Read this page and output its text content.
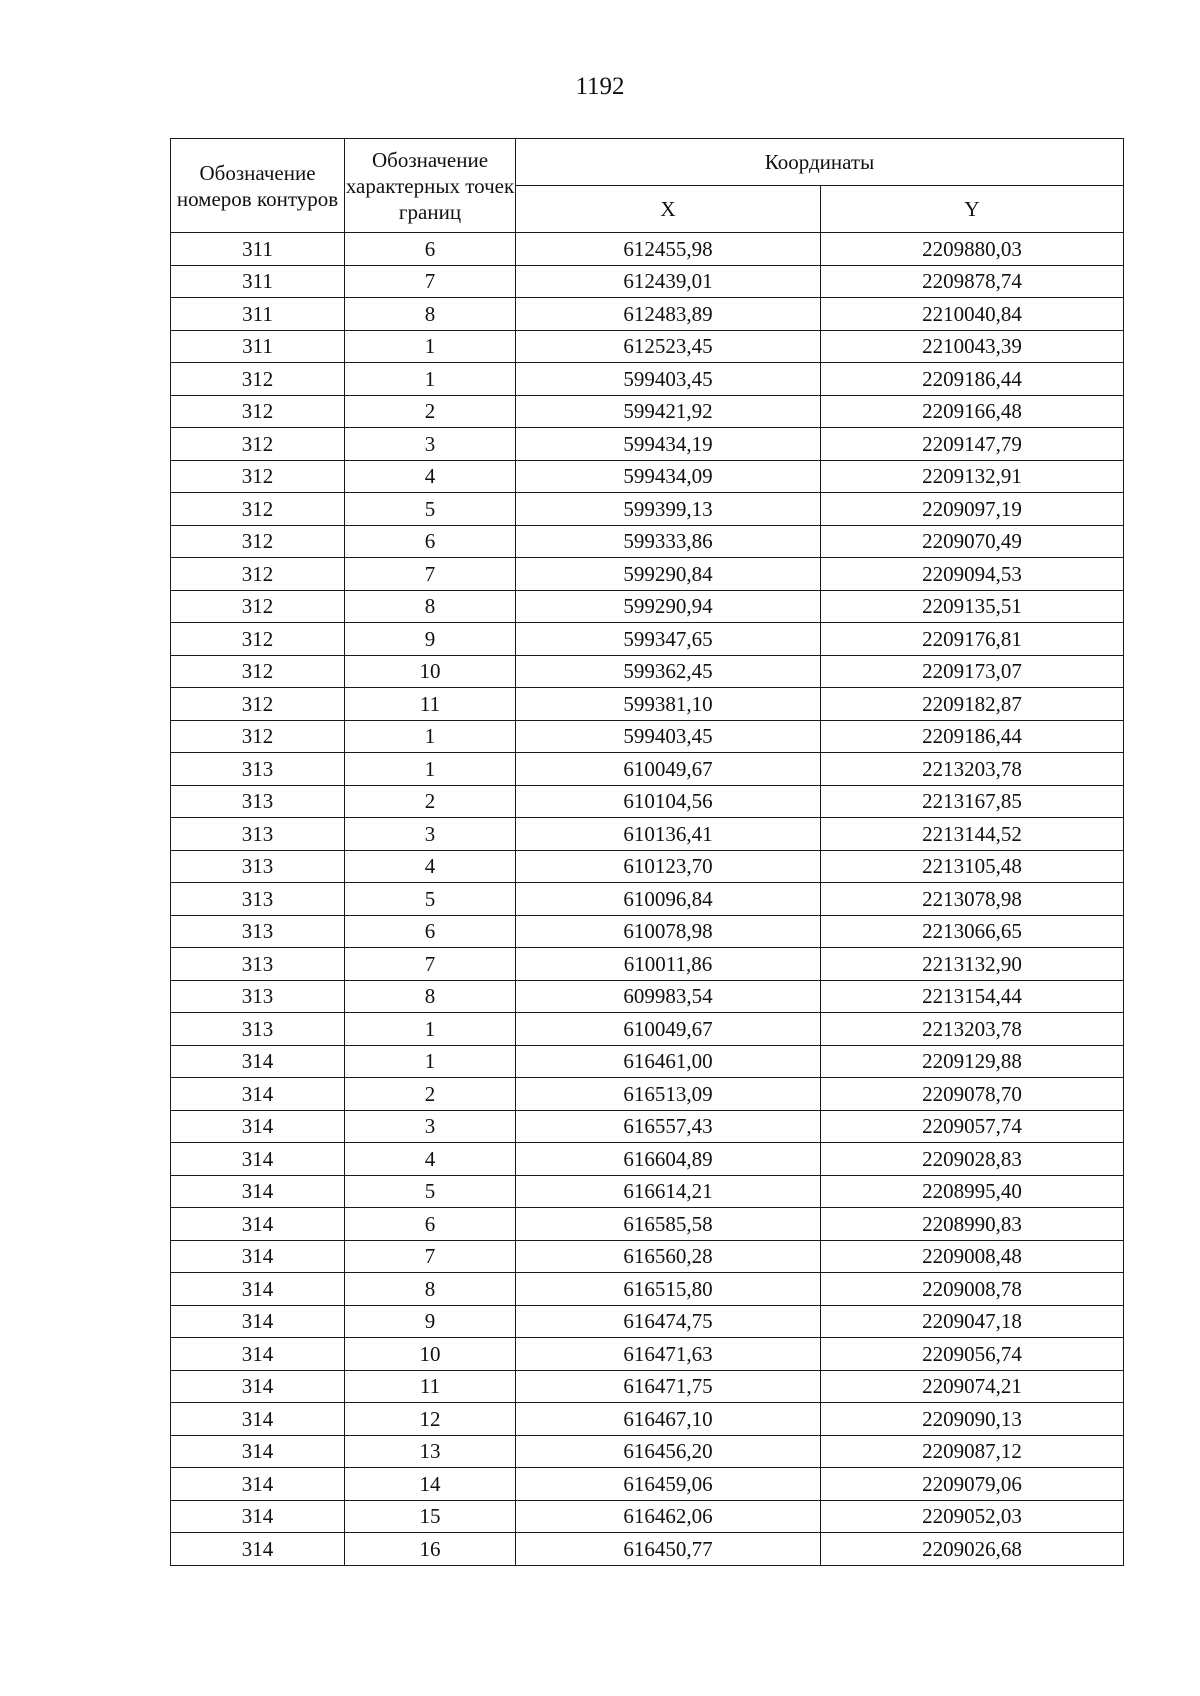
1192
Обозначение номеров контуров	Обозначение характерных точек границ	Координаты	
		X	Y
311	6	612455,98	2209880,03
311	7	612439,01	2209878,74
311	8	612483,89	2210040,84
311	1	612523,45	2210043,39
312	1	599403,45	2209186,44
312	2	599421,92	2209166,48
312	3	599434,19	2209147,79
312	4	599434,09	2209132,91
312	5	599399,13	2209097,19
312	6	599333,86	2209070,49
312	7	599290,84	2209094,53
312	8	599290,94	2209135,51
312	9	599347,65	2209176,81
312	10	599362,45	2209173,07
312	11	599381,10	2209182,87
312	1	599403,45	2209186,44
313	1	610049,67	2213203,78
313	2	610104,56	2213167,85
313	3	610136,41	2213144,52
313	4	610123,70	2213105,48
313	5	610096,84	2213078,98
313	6	610078,98	2213066,65
313	7	610011,86	2213132,90
313	8	609983,54	2213154,44
313	1	610049,67	2213203,78
314	1	616461,00	2209129,88
314	2	616513,09	2209078,70
314	3	616557,43	2209057,74
314	4	616604,89	2209028,83
314	5	616614,21	2208995,40
314	6	616585,58	2208990,83
314	7	616560,28	2209008,48
314	8	616515,80	2209008,78
314	9	616474,75	2209047,18
314	10	616471,63	2209056,74
314	11	616471,75	2209074,21
314	12	616467,10	2209090,13
314	13	616456,20	2209087,12
314	14	616459,06	2209079,06
314	15	616462,06	2209052,03
314	16	616450,77	2209026,68
